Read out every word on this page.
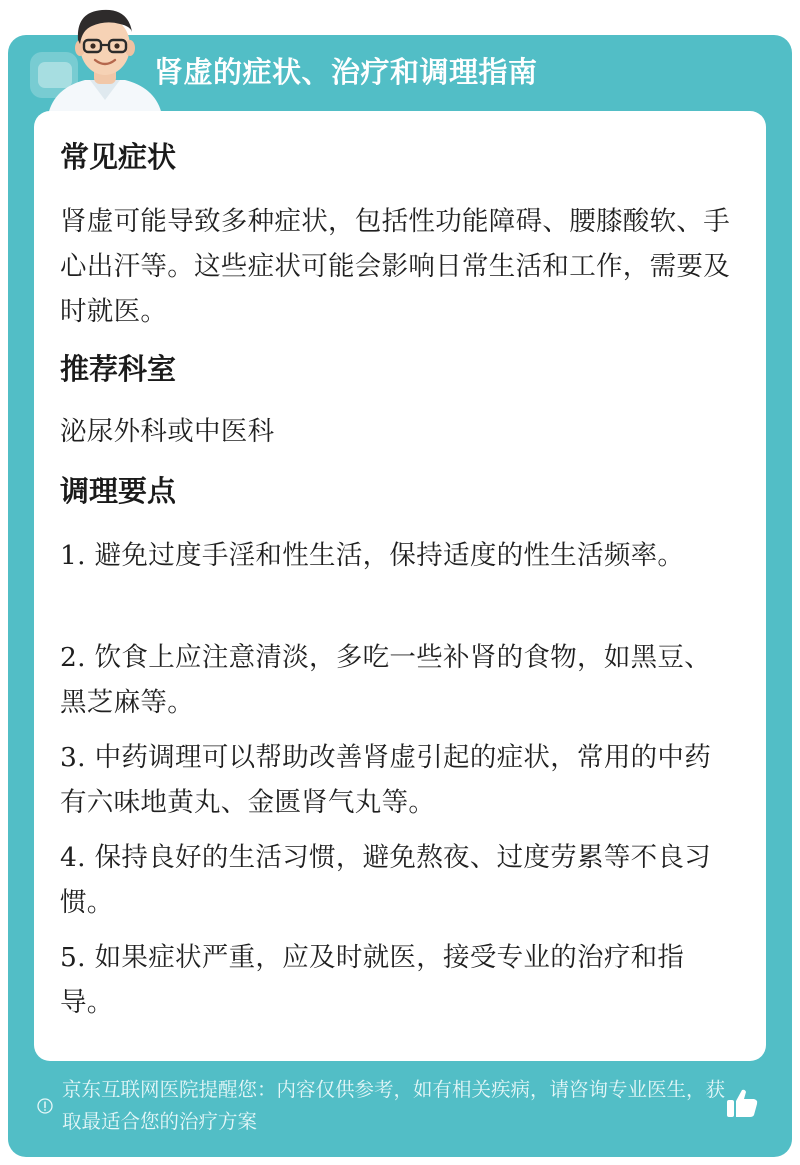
肾虚的症状、治疗和调理指南
常见症状
肾虚可能导致多种症状，包括性功能障碍、腰膝酸软、手心出汗等。这些症状可能会影响日常生活和工作，需要及时就医。
推荐科室
泌尿外科或中医科
调理要点
1. 避免过度手淫和性生活，保持适度的性生活频率。
2. 饮食上应注意清淡，多吃一些补肾的食物，如黑豆、黑芝麻等。
3. 中药调理可以帮助改善肾虚引起的症状，常用的中药有六味地黄丸、金匮肾气丸等。
4. 保持良好的生活习惯，避免熬夜、过度劳累等不良习惯。
5. 如果症状严重，应及时就医，接受专业的治疗和指导。
京东互联网医院提醒您：内容仅供参考，如有相关疾病，请咨询专业医生，获取最适合您的治疗方案
